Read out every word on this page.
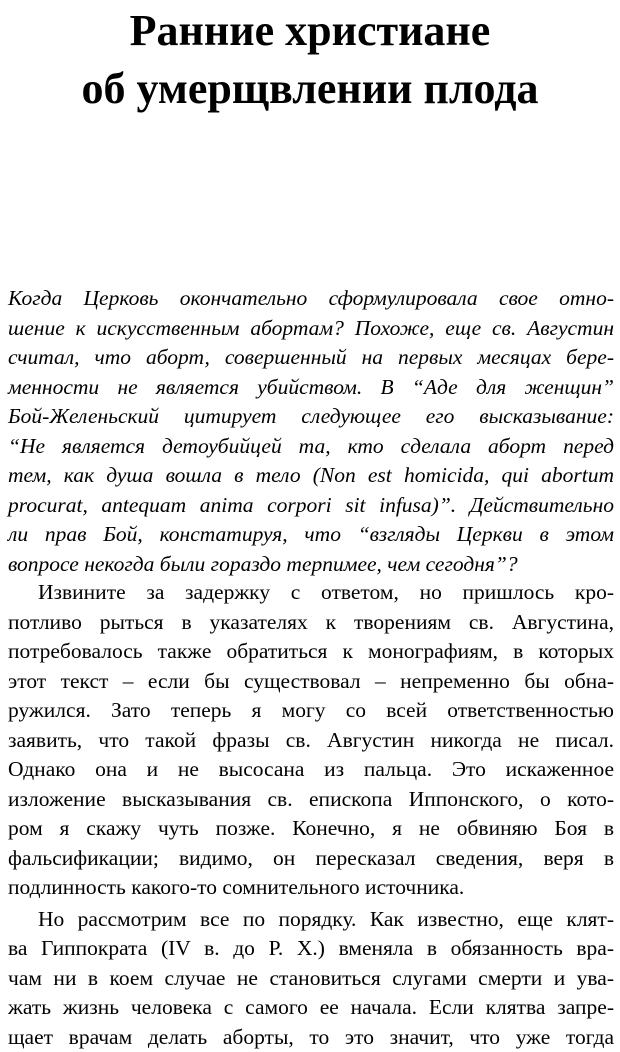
Ранние христиане
об умерщвлении плода
Когда Церковь окончательно сформулировала свое отно-
шение к искусственным абортам? Похоже, еще св. Августин
считал, что аборт, совершенный на первых месяцах бере-
менности не является убийством. В “Аде для женщин”
Бой-Желеньский цитирует следующее его высказывание:
“Не является детоубийцей та, кто сделала аборт перед
тем, как душа вошла в тело (Non est homicida, qui abortum
procurat, antequam anima corpori sit infusa)”. Действительно
ли прав Бой, констатируя, что “взгляды Церкви в этом
вопросе некогда были гораздо терпимее, чем сегодня”?
Извините за задержку с ответом, но пришлось кро-
потливо рыться в указателях к творениям св. Августина,
потребовалось также обратиться к монографиям, в которых
этот текст – если бы существовал – непременно бы обна-
ружился. Зато теперь я могу со всей ответственностью
заявить, что такой фразы св. Августин никогда не писал.
Однако она и не высосана из пальца. Это искаженное
изложение высказывания св. епископа Иппонского, о кото-
ром я скажу чуть позже. Конечно, я не обвиняю Боя в
фальсификации; видимо, он пересказал сведения, веря в
подлинность какого-то сомнительного источника.
Но рассмотрим все по порядку. Как известно, еще клят-
ва Гиппократа (IV в. до Р. Х.) вменяла в обязанность вра-
чам ни в коем случае не становиться слугами смерти и ува-
жать жизнь человека с самого ее начала. Если клятва запре-
щает врачам делать аборты, то это значит, что уже тогда
